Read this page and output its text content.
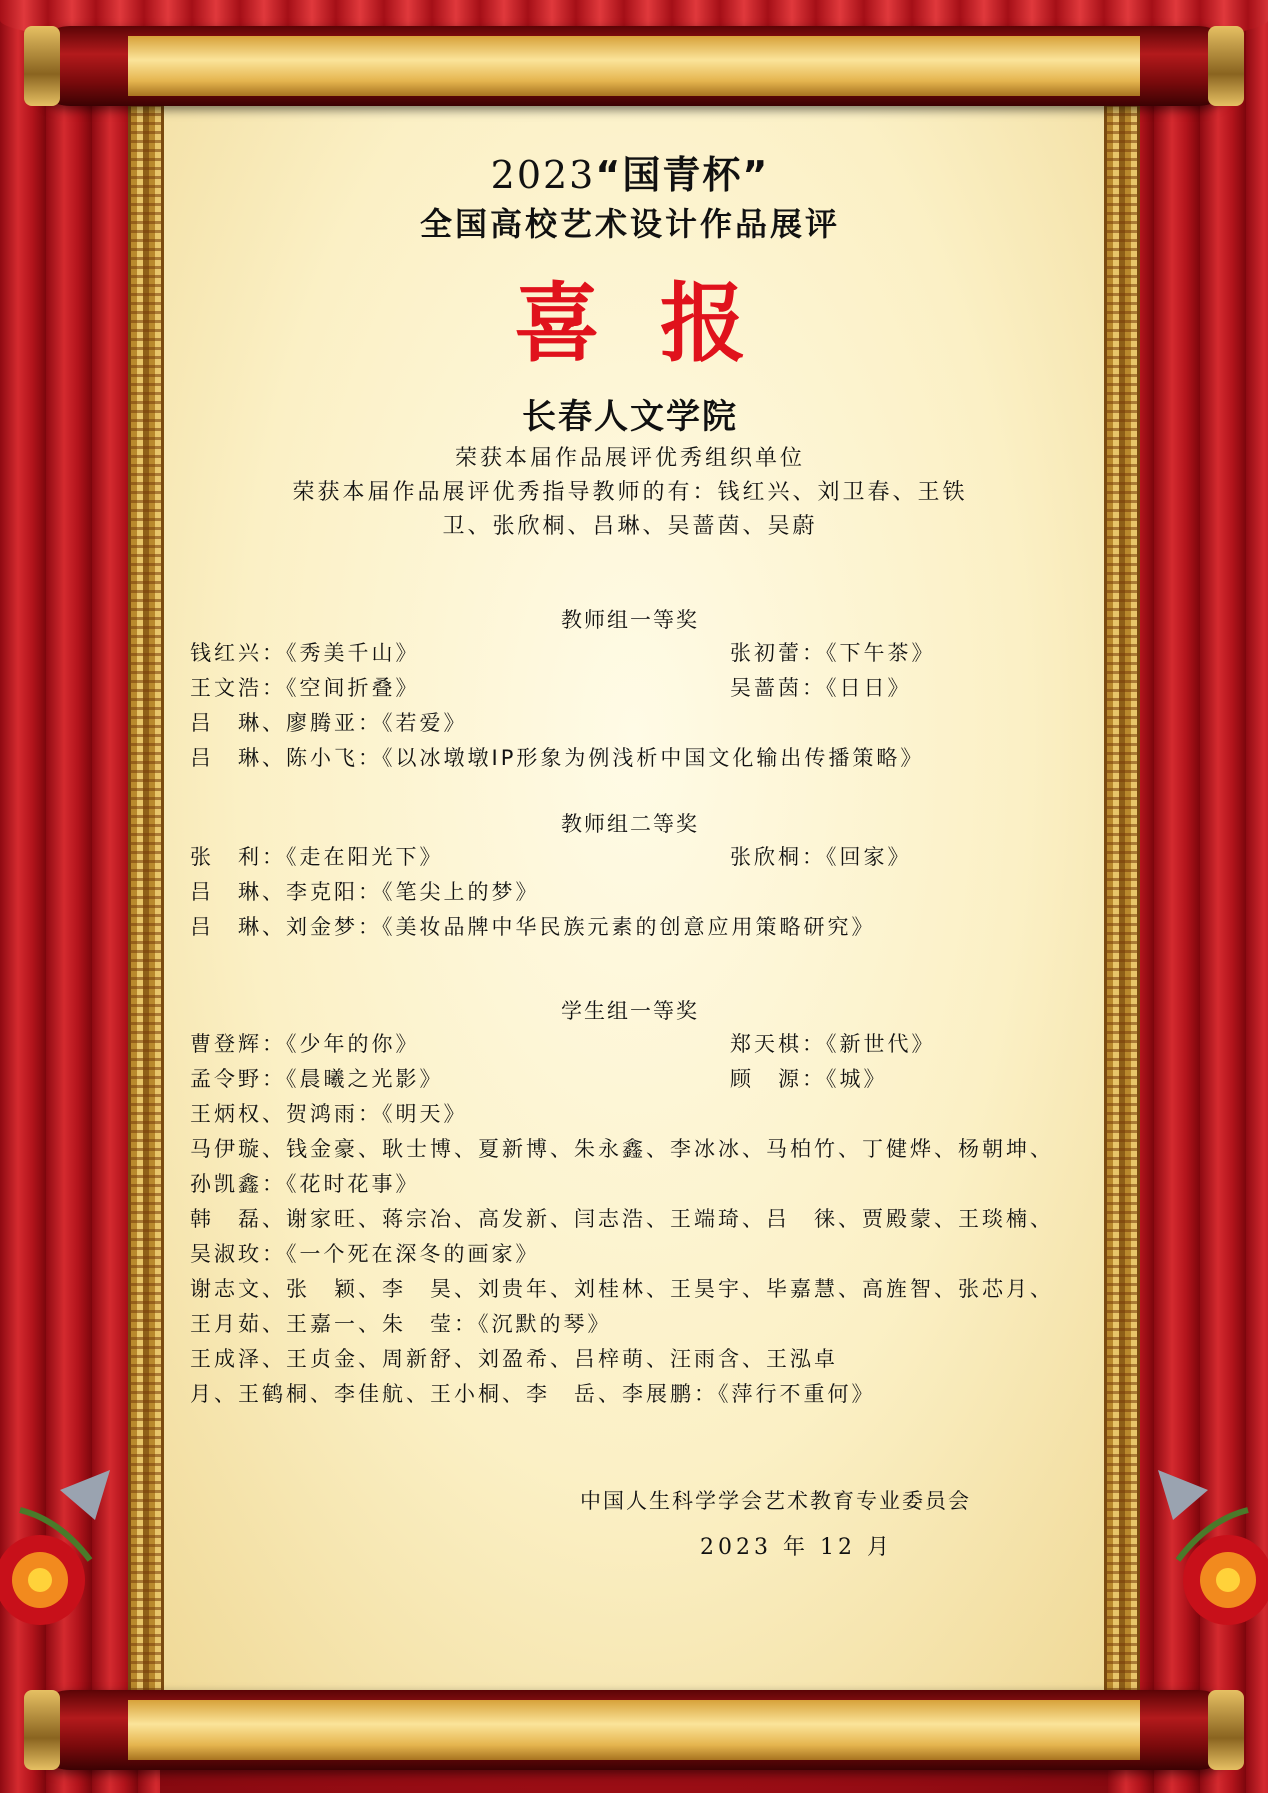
2023“国青杯”
全国高校艺术设计作品展评
喜报
长春人文学院
荣获本届作品展评优秀组织单位
荣获本届作品展评优秀指导教师的有：钱红兴、刘卫春、王铁
卫、张欣桐、吕琳、吴蔷茵、吴蔚
教师组一等奖
钱红兴：《秀美千山》	张初蕾：《下午茶》
王文浩：《空间折叠》	吴蔷茵：《日日》
吕　琳、廖腾亚：《若爱》
吕　琳、陈小飞：《以冰墩墩IP形象为例浅析中国文化输出传播策略》
教师组二等奖
张　利：《走在阳光下》	张欣桐：《回家》
吕　琳、李克阳：《笔尖上的梦》
吕　琳、刘金梦：《美妆品牌中华民族元素的创意应用策略研究》
学生组一等奖
曹登辉：《少年的你》	郑天棋：《新世代》
孟令野：《晨曦之光影》	顾　源：《城》
王炳权、贺鸿雨：《明天》
马伊璇、钱金豪、耿士博、夏新博、朱永鑫、李冰冰、马柏竹、丁健烨、杨朝坤、孙凯鑫：《花时花事》
韩　磊、谢家旺、蒋宗冶、高发新、闫志浩、王端琦、吕　徕、贾殿蒙、王琰楠、吴淑玫：《一个死在深冬的画家》
谢志文、张　颖、李　昊、刘贵年、刘桂林、王昊宇、毕嘉慧、高旌智、张芯月、王月茹、王嘉一、朱　莹：《沉默的琴》
王成泽、王贞金、周新舒、刘盈希、吕梓萌、汪雨含、王泓卓
月、王鹤桐、李佳航、王小桐、李　岳、李展鹏：《萍行不重何》
中国人生科学学会艺术教育专业委员会
2023 年 12 月
